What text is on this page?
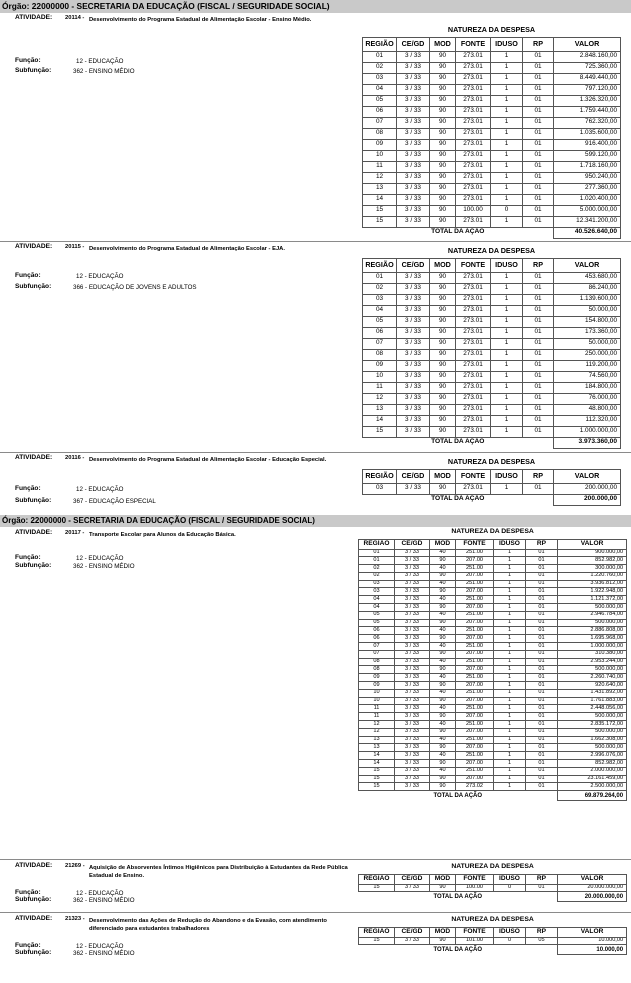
Órgão: 22000000 - SECRETARIA DA EDUCAÇÃO (FISCAL / SEGURIDADE SOCIAL)
ATIVIDADE: 20114 - Desenvolvimento do Programa Estadual de Alimentação Escolar - Ensino Médio.
Função:	12 - EDUCAÇÃO
Subfunção:	362 - ENSINO MÉDIO
NATUREZA DA DESPESA						
REGIÃO	CE/GD	MOD	FONTE	IDUSO	RP	VALOR
01	3 / 33	90	273.01	1	01	2.848.160,00
02	3 / 33	90	273.01	1	01	725.360,00
03	3 / 33	90	273.01	1	01	8.449.440,00
04	3 / 33	90	273.01	1	01	797.120,00
05	3 / 33	90	273.01	1	01	1.326.320,00
06	3 / 33	90	273.01	1	01	1.759.440,00
07	3 / 33	90	273.01	1	01	762.320,00
08	3 / 33	90	273.01	1	01	1.035.600,00
09	3 / 33	90	273.01	1	01	916.400,00
10	3 / 33	90	273.01	1	01	599.120,00
11	3 / 33	90	273.01	1	01	1.718.160,00
12	3 / 33	90	273.01	1	01	950.240,00
13	3 / 33	90	273.01	1	01	277.360,00
14	3 / 33	90	273.01	1	01	1.020.400,00
15	3 / 33	90	100.00	0	01	5.000.000,00
15	3 / 33	90	273.01	1	01	12.341.200,00
TOTAL DA AÇÃO						40.526.640,00
ATIVIDADE: 20115 - Desenvolvimento do Programa Estadual de Alimentação Escolar - EJA.
Função:	12 - EDUCAÇÃO
Subfunção:	366 - EDUCAÇÃO DE JOVENS E ADULTOS
NATUREZA DA DESPESA						
REGIÃO	CE/GD	MOD	FONTE	IDUSO	RP	VALOR
01	3 / 33	90	273.01	1	01	453.680,00
02	3 / 33	90	273.01	1	01	86.240,00
03	3 / 33	90	273.01	1	01	1.139.600,00
04	3 / 33	90	273.01	1	01	50.000,00
05	3 / 33	90	273.01	1	01	154.800,00
06	3 / 33	90	273.01	1	01	173.360,00
07	3 / 33	90	273.01	1	01	50.000,00
08	3 / 33	90	273.01	1	01	250.000,00
09	3 / 33	90	273.01	1	01	119.200,00
10	3 / 33	90	273.01	1	01	74.560,00
11	3 / 33	90	273.01	1	01	184.800,00
12	3 / 33	90	273.01	1	01	76.000,00
13	3 / 33	90	273.01	1	01	48.800,00
14	3 / 33	90	273.01	1	01	112.320,00
15	3 / 33	90	273.01	1	01	1.000.000,00
TOTAL DA AÇÃO						3.973.360,00
ATIVIDADE: 20116 - Desenvolvimento do Programa Estadual de Alimentação Escolar - Educação Especial.
Função:	12 - EDUCAÇÃO
Subfunção:	367 - EDUCAÇÃO ESPECIAL
NATUREZA DA DESPESA						
REGIÃO	CE/GD	MOD	FONTE	IDUSO	RP	VALOR
03	3 / 33	90	273.01	1	01	200.000,00
TOTAL DA AÇÃO						200.000,00
Órgão: 22000000 - SECRETARIA DA EDUCAÇÃO (FISCAL / SEGURIDADE SOCIAL)
ATIVIDADE: 20117 - Transporte Escolar para Alunos da Educação Básica.
Função:	12 - EDUCAÇÃO
Subfunção:	362 - ENSINO MÉDIO
NATUREZA DA DESPESA						
REGIÃO	CE/GD	MOD	FONTE	IDUSO	RP	VALOR
01	3 / 33	40	251.00	1	01	900.000,00
01	3 / 33	90	207.00	1	01	852.982,00
02	3 / 33	40	251.00	1	01	300.000,00
02	3 / 33	90	207.00	1	01	1.220.760,00
03	3 / 33	40	251.00	1	01	3.936.812,00
03	3 / 33	90	207.00	1	01	1.922.948,00
04	3 / 33	40	251.00	1	01	1.121.372,00
04	3 / 33	90	207.00	1	01	500.000,00
05	3 / 33	40	251.00	1	01	2.946.784,00
05	3 / 33	90	207.00	1	01	500.000,00
06	3 / 33	40	251.00	1	01	2.886.808,00
06	3 / 33	90	207.00	1	01	1.695.968,00
07	3 / 33	40	251.00	1	01	1.000.000,00
07	3 / 33	90	207.00	1	01	310.380,00
08	3 / 33	40	251.00	1	01	2.953.244,00
08	3 / 33	90	207.00	1	01	500.000,00
09	3 / 33	40	251.00	1	01	2.260.740,00
09	3 / 33	90	207.00	1	01	920.640,00
10	3 / 33	40	251.00	1	01	1.431.892,00
10	3 / 33	90	207.00	1	01	1.761.883,00
11	3 / 33	40	251.00	1	01	2.448.056,00
11	3 / 33	90	207.00	1	01	500.000,00
12	3 / 33	40	251.00	1	01	2.835.172,00
12	3 / 33	90	207.00	1	01	500.000,00
13	3 / 33	40	251.00	1	01	1.662.308,00
13	3 / 33	90	207.00	1	01	500.000,00
14	3 / 33	40	251.00	1	01	2.996.076,00
14	3 / 33	90	207.00	1	01	852.982,00
15	3 / 33	40	251.00	1	01	2.000.000,00
15	3 / 33	90	207.00	1	01	23.161.459,00
15	3 / 33	90	273.02	1	01	2.500.000,00
TOTAL DA AÇÃO						69.879.264,00
ATIVIDADE: 21269 - Aquisição de Absorventes Íntimos Higiênicos para Distribuição à Estudantes da Rede Pública Estadual de Ensino.
Função:	12 - EDUCAÇÃO
Subfunção:	362 - ENSINO MÉDIO
NATUREZA DA DESPESA						
REGIÃO	CE/GD	MOD	FONTE	IDUSO	RP	VALOR
15	3 / 33	90	100.00	0	01	20.000.000,00
TOTAL DA AÇÃO						20.000.000,00
ATIVIDADE: 21323 - Desenvolvimento das Ações de Redução do Abandono e da Evasão, com atendimento diferenciado para estudantes trabalhadores
Função:	12 - EDUCAÇÃO
Subfunção:	362 - ENSINO MÉDIO
NATUREZA DA DESPESA						
REGIÃO	CE/GD	MOD	FONTE	IDUSO	RP	VALOR
15	3 / 33	90	101.00	0	05	10.000,00
TOTAL DA AÇÃO						10.000,00
